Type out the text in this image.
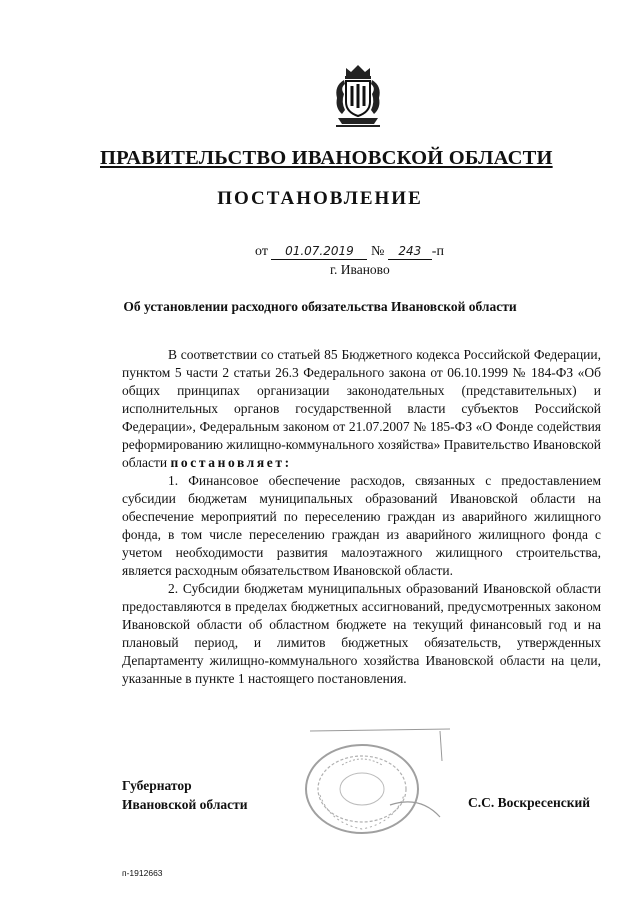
ПРАВИТЕЛЬСТВО ИВАНОВСКОЙ ОБЛАСТИ
ПОСТАНОВЛЕНИЕ
от 01.07.2019 № 243 -п
г. Иваново
Об установлении расходного обязательства Ивановской области

В соответствии со статьей 85 Бюджетного кодекса Российской Федерации, пунктом 5 части 2 статьи 26.3 Федерального закона от 06.10.1999 № 184-ФЗ «Об общих принципах организации законодательных (представительных) и исполнительных органов государственной власти субъектов Российской Федерации», Федеральным законом от 21.07.2007 № 185-ФЗ «О Фонде содействия реформированию жилищно-коммунального хозяйства» Правительство Ивановской области постановляет:

1. Финансовое обеспечение расходов, связанных с предоставлением субсидии бюджетам муниципальных образований Ивановской области на обеспечение мероприятий по переселению граждан из аварийного жилищного фонда, в том числе переселению граждан из аварийного жилищного фонда с учетом необходимости развития малоэтажного жилищного строительства, является расходным обязательством Ивановской области.

2. Субсидии бюджетам муниципальных образований Ивановской области предоставляются в пределах бюджетных ассигнований, предусмотренных законом Ивановской области об областном бюджете на текущий финансовый год и на плановый период, и лимитов бюджетных обязательств, утвержденных Департаменту жилищно-коммунального хозяйства Ивановской области на цели, указанные в пункте 1 настоящего постановления.

Губернатор
Ивановской области	С.С. Воскресенский
п-1912663
